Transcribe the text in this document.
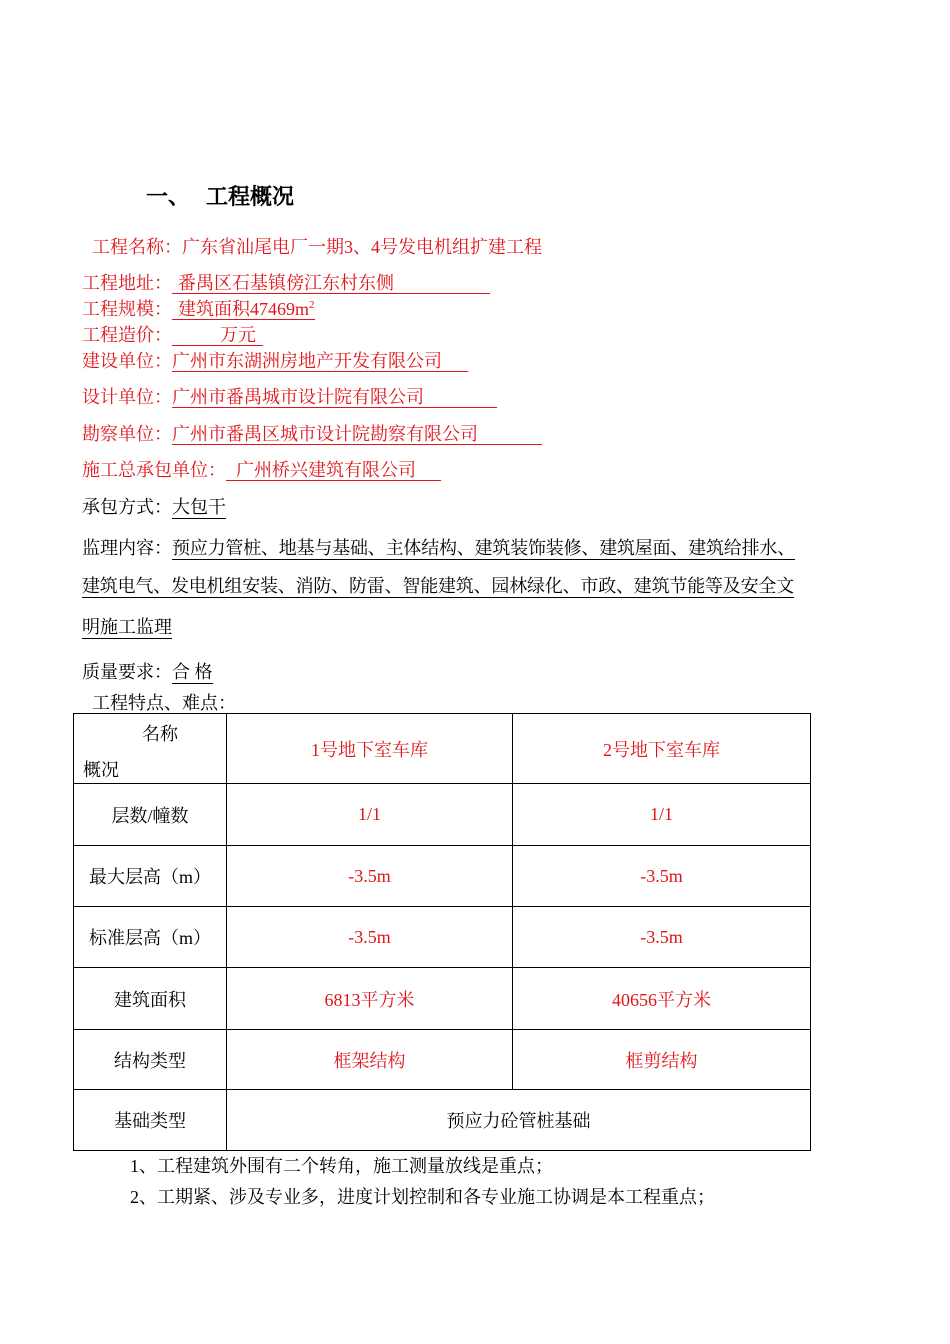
一、 工程概况
工程名称：广东省汕尾电厂一期3、4号发电机组扩建工程
工程地址： 番禺区石基镇傍江东村东侧
工程规模： 建筑面积$47469m^2$
工程造价：	万元
建设单位：广州市东湖洲房地产开发有限公司
设计单位：广州市番禺城市设计院有限公司
勘察单位：广州市番禺区城市设计院勘察有限公司
施工总承包单位： 广州桥兴建筑有限公司
承包方式：大包干
监理内容：预应力管桩、地基与基础、主体结构、建筑装饰装修、建筑屋面、建筑给排水、
建筑电气、发电机组安装、消防、防雷、智能建筑、园林绿化、市政、建筑节能等及安全文
明施工监理
质量要求：合 格
工程特点、难点：
名称
概况	1号地下室车库	2号地下室车库
层数/幢数	1/1	1/1
最大层高（m）	-3.5m	-3.5m
标准层高（m）	-3.5m	-3.5m
建筑面积	6813平方米	40656平方米
结构类型	框架结构	框剪结构
基础类型	预应力砼管桩基础	
1、工程建筑外围有二个转角，施工测量放线是重点；
2、工期紧、涉及专业多，进度计划控制和各专业施工协调是本工程重点；
